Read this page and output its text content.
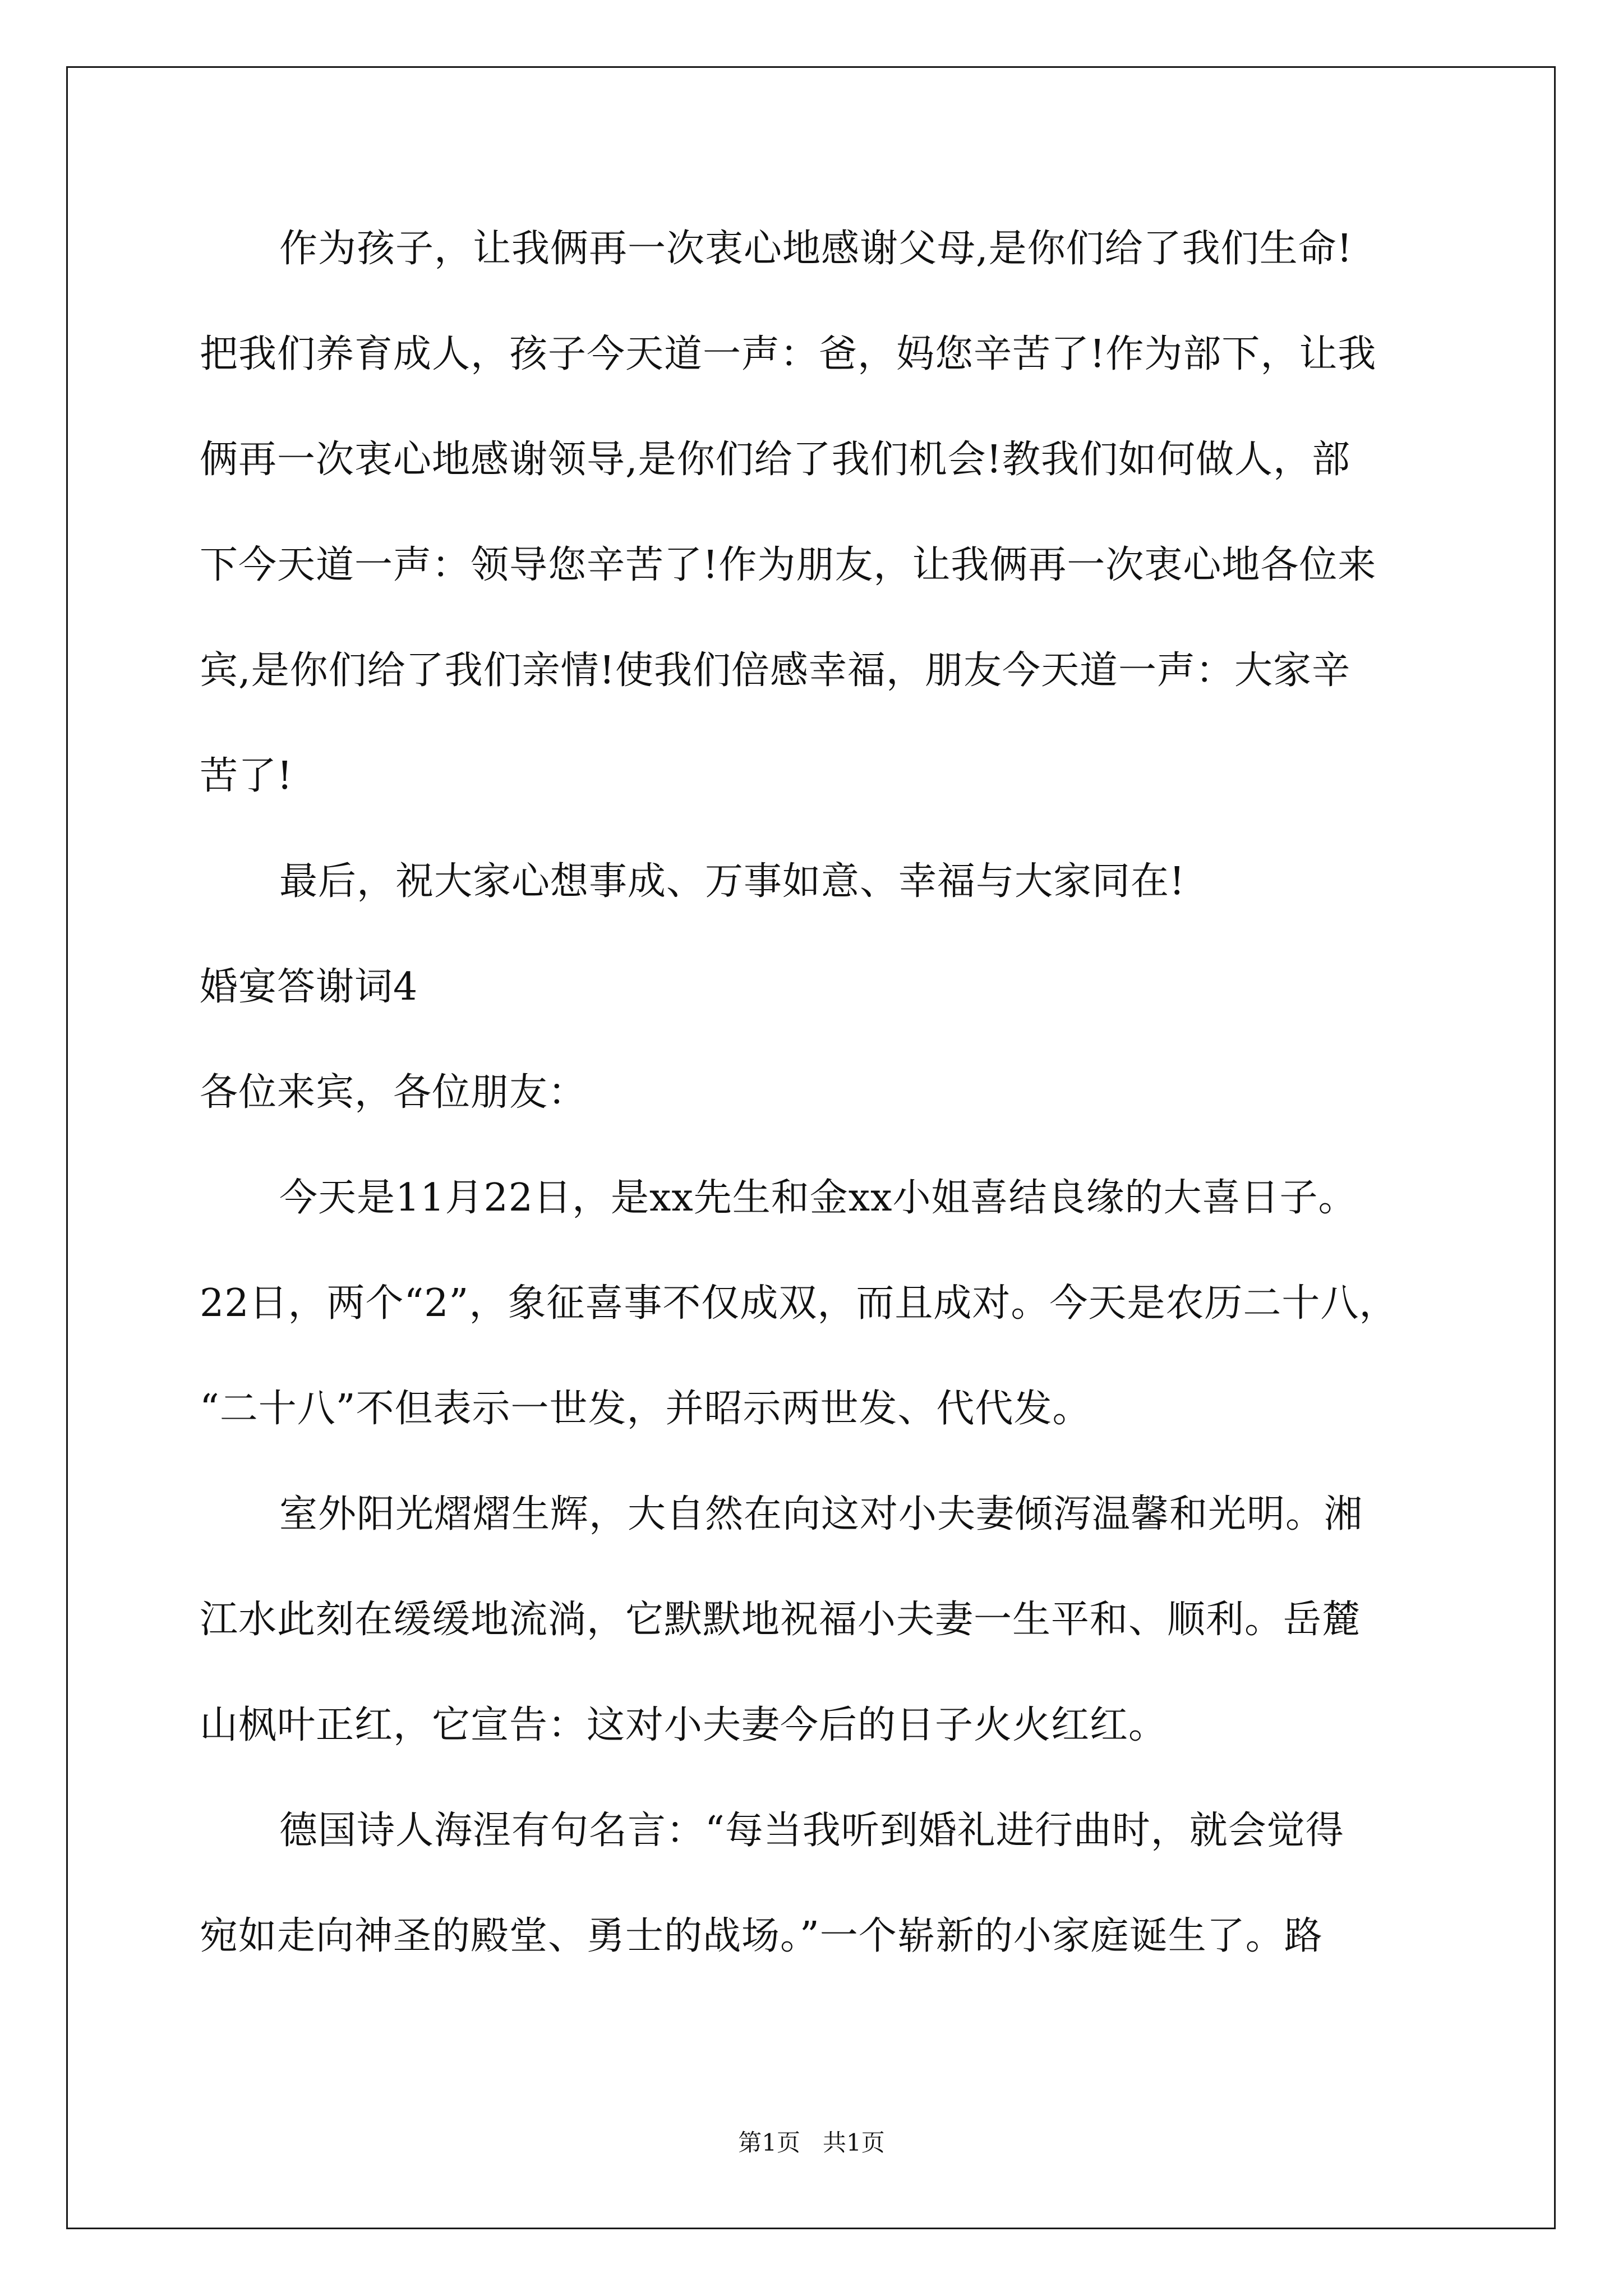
作为孩子，让我俩再一次衷心地感谢父母,是你们给了我们生命!
把我们养育成人，孩子今天道一声：爸，妈您辛苦了!作为部下，让我
俩再一次衷心地感谢领导,是你们给了我们机会!教我们如何做人，部
下今天道一声：领导您辛苦了!作为朋友，让我俩再一次衷心地各位来
宾,是你们给了我们亲情!使我们倍感幸福，朋友今天道一声：大家辛
苦了!
最后，祝大家心想事成、万事如意、幸福与大家同在!
婚宴答谢词4
各位来宾，各位朋友：
今天是11月22日，是xx先生和金xx小姐喜结良缘的大喜日子。
22日，两个“2”，象征喜事不仅成双，而且成对。今天是农历二十八，
“二十八”不但表示一世发，并昭示两世发、代代发。
室外阳光熠熠生辉，大自然在向这对小夫妻倾泻温馨和光明。湘
江水此刻在缓缓地流淌，它默默地祝福小夫妻一生平和、顺利。岳麓
山枫叶正红，它宣告：这对小夫妻今后的日子火火红红。
德国诗人海涅有句名言：“每当我听到婚礼进行曲时，就会觉得
宛如走向神圣的殿堂、勇士的战场。”一个崭新的小家庭诞生了。路
第1页   共1页
